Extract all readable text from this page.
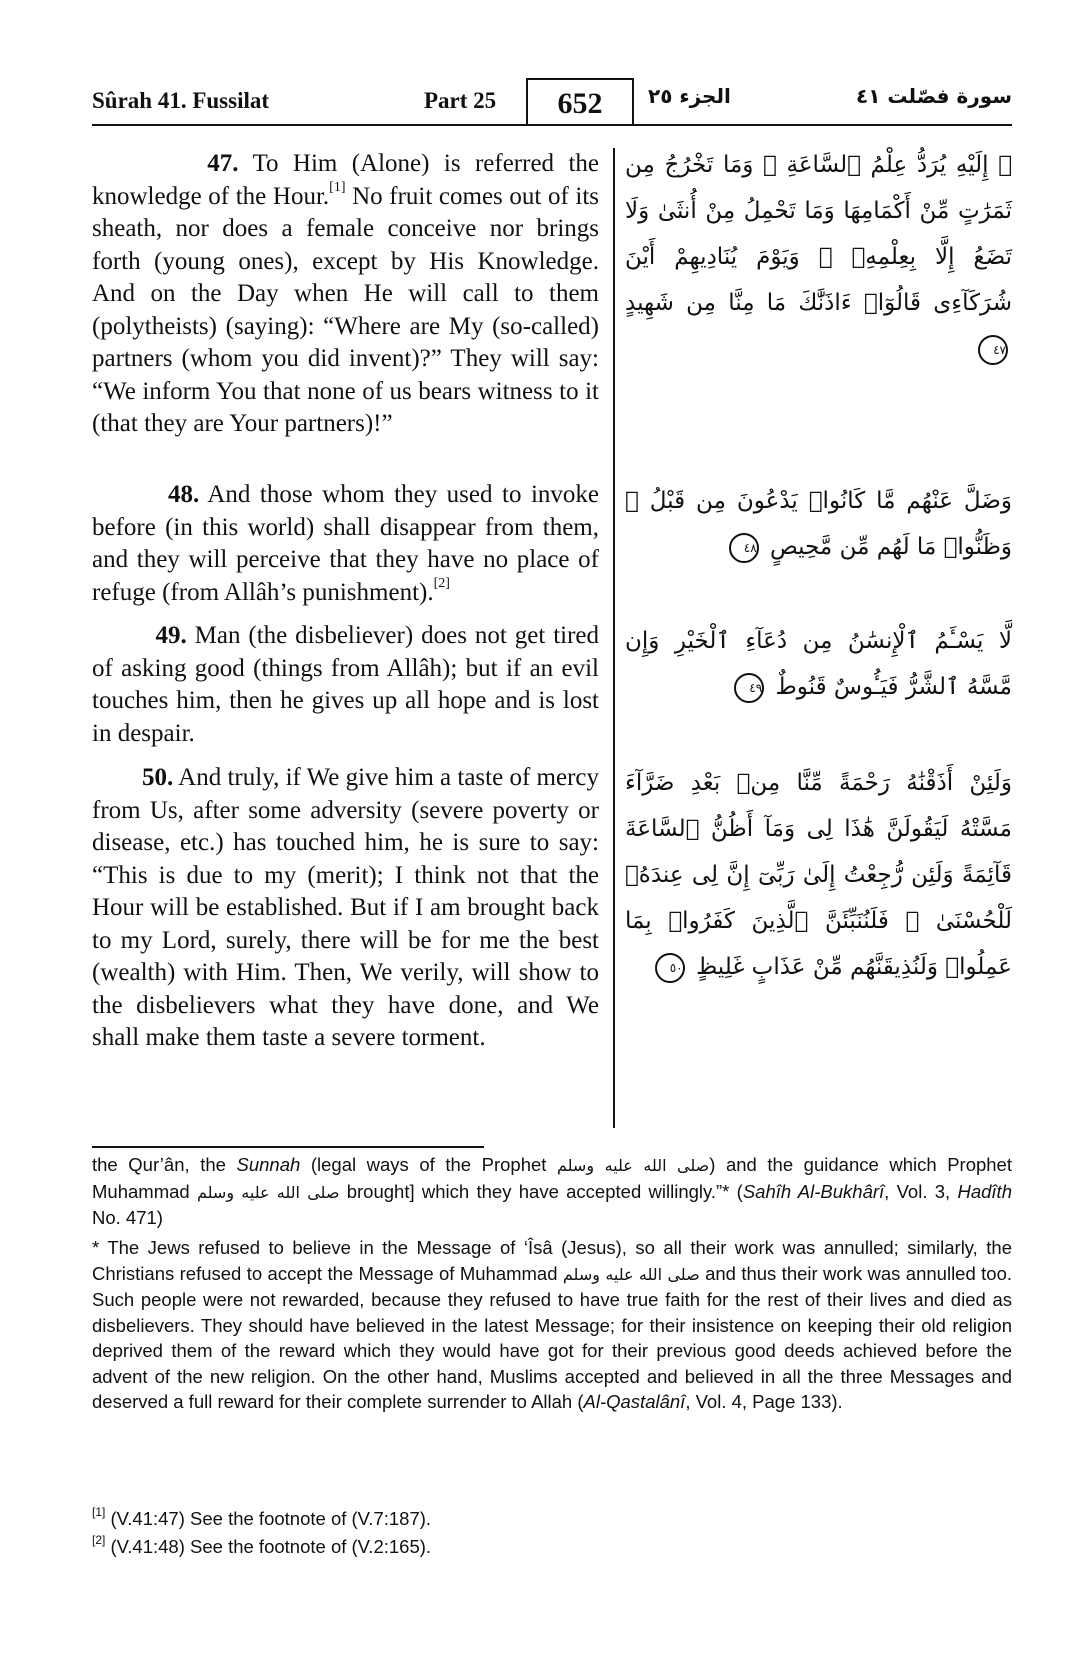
Sûrah 41. Fussilat	Part 25	652	الجزء ٢٥	سورة فصّلت ٤١
47. To Him (Alone) is referred the knowledge of the Hour.[1] No fruit comes out of its sheath, nor does a female conceive nor brings forth (young ones), except by His Knowledge. And on the Day when He will call to them (polytheists) (saying): “Where are My (so-called) partners (whom you did invent)?” They will say: “We inform You that none of us bears witness to it (that they are Your partners)!”
۞ إِلَيْهِ يُرَدُّ عِلْمُ ٱلسَّاعَةِ ۚ وَمَا تَخْرُجُ مِن ثَمَرَٰتٍ مِّنْ أَكْمَامِهَا وَمَا تَحْمِلُ مِنْ أُنثَىٰ وَلَا تَضَعُ إِلَّا بِعِلْمِهِۦ ۚ وَيَوْمَ يُنَادِيهِمْ أَيْنَ شُرَكَآءِى قَالُوٓا۟ ءَاذَنَّٰكَ مَا مِنَّا مِن شَهِيدٍ ٤٧
48. And those whom they used to invoke before (in this world) shall disappear from them, and they will perceive that they have no place of refuge (from Allâh’s punishment).[2]
وَضَلَّ عَنْهُم مَّا كَانُوا۟ يَدْعُونَ مِن قَبْلُ ۖ وَظَنُّوا۟ مَا لَهُم مِّن مَّحِيصٍ ٤٨
49. Man (the disbeliever) does not get tired of asking good (things from Allâh); but if an evil touches him, then he gives up all hope and is lost in despair.
لَّا يَسْـَٔمُ ٱلْإِنسَٰنُ مِن دُعَآءِ ٱلْخَيْرِ وَإِن مَّسَّهُ ٱلشَّرُّ فَيَـُٔوسٌ قَنُوطٌ ٤٩
50. And truly, if We give him a taste of mercy from Us, after some adversity (severe poverty or disease, etc.) has touched him, he is sure to say: “This is due to my (merit); I think not that the Hour will be established. But if I am brought back to my Lord, surely, there will be for me the best (wealth) with Him. Then, We verily, will show to the disbelievers what they have done, and We shall make them taste a severe torment.
وَلَئِنْ أَذَقْنَٰهُ رَحْمَةً مِّنَّا مِنۢ بَعْدِ ضَرَّآءَ مَسَّتْهُ لَيَقُولَنَّ هَٰذَا لِى وَمَآ أَظُنُّ ٱلسَّاعَةَ قَآئِمَةً وَلَئِن رُّجِعْتُ إِلَىٰ رَبِّىٓ إِنَّ لِى عِندَهُۥ لَلْحُسْنَىٰ ۚ فَلَنُنَبِّئَنَّ ٱلَّذِينَ كَفَرُوا۟ بِمَا عَمِلُوا۟ وَلَنُذِيقَنَّهُم مِّنْ عَذَابٍ غَلِيظٍ ٥٠
the Qur’ân, the Sunnah (legal ways of the Prophet صلى الله عليه وسلم) and the guidance which Prophet Muhammad صلى الله عليه وسلم brought] which they have accepted willingly.”* (Sahîh Al-Bukhârî, Vol. 3, Hadîth No. 471)
* The Jews refused to believe in the Message of ‘Îsâ (Jesus), so all their work was annulled; similarly, the Christians refused to accept the Message of Muhammad صلى الله عليه وسلم and thus their work was annulled too. Such people were not rewarded, because they refused to have true faith for the rest of their lives and died as disbelievers. They should have believed in the latest Message; for their insistence on keeping their old religion deprived them of the reward which they would have got for their previous good deeds achieved before the advent of the new religion. On the other hand, Muslims accepted and believed in all the three Messages and deserved a full reward for their complete surrender to Allah (Al-Qastalânî, Vol. 4, Page 133).
[1] (V.41:47) See the footnote of (V.7:187).
[2] (V.41:48) See the footnote of (V.2:165).
